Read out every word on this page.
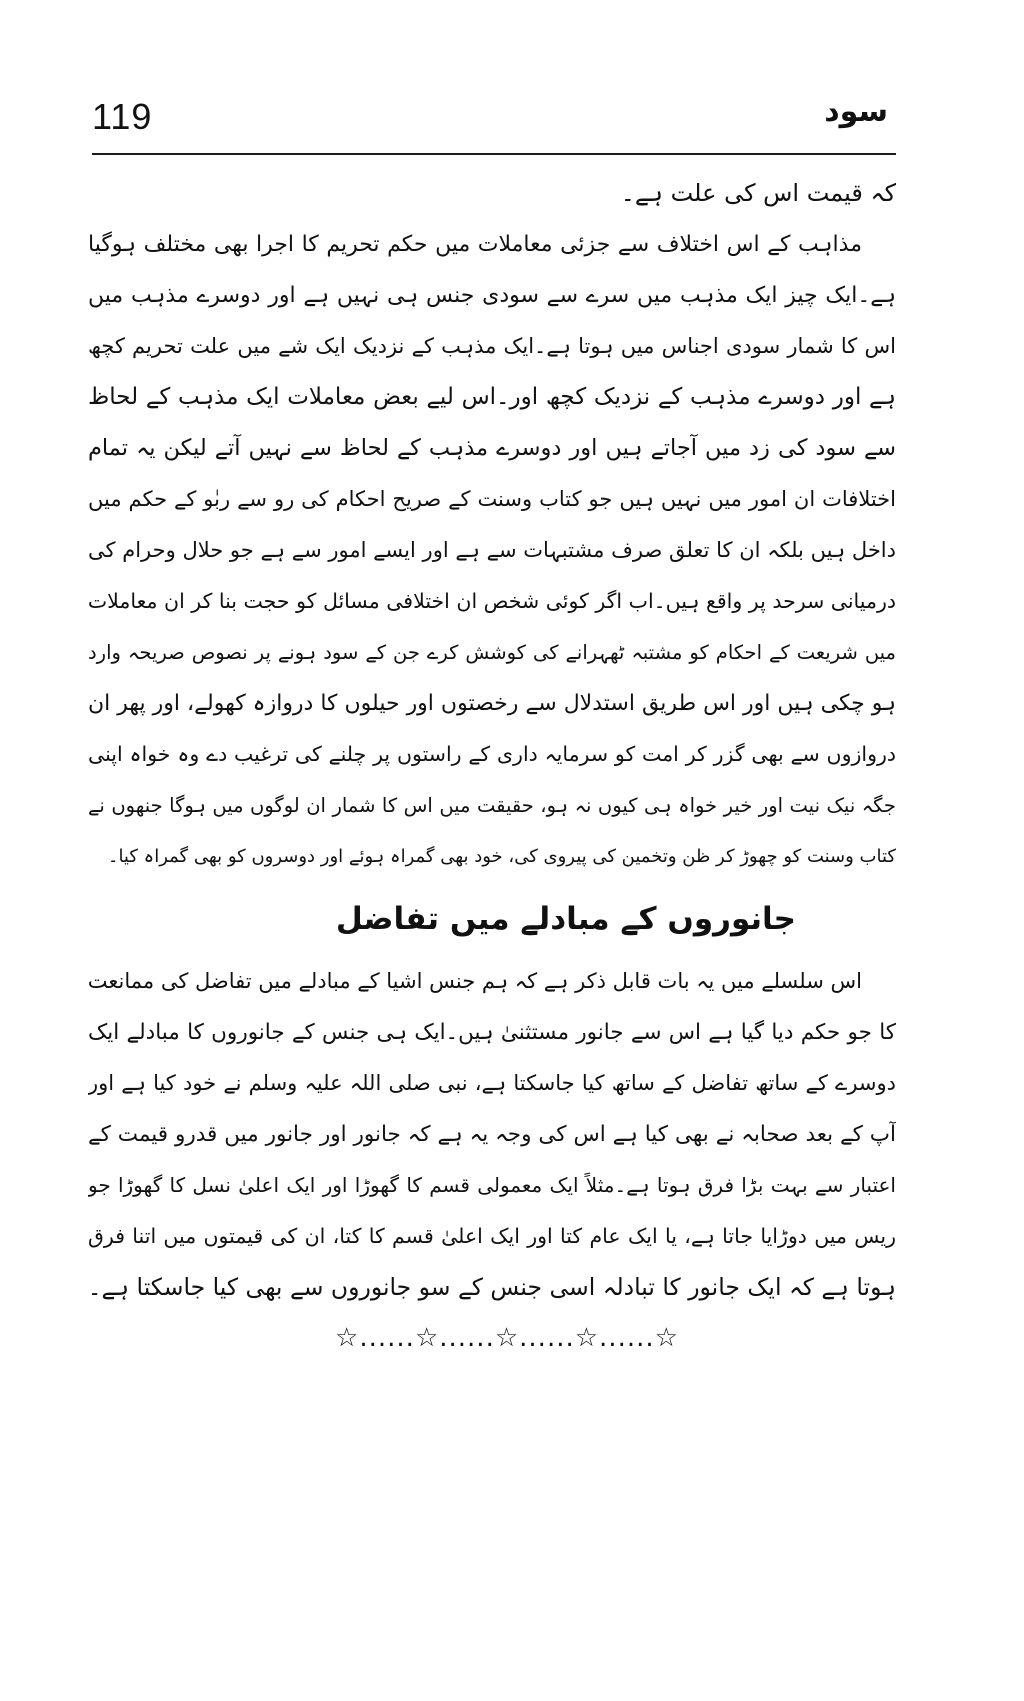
119	سود
کہ قیمت اس کی علت ہے۔
مذاہب کے اس اختلاف سے جزئی معاملات میں حکم تحریم کا اجرا بھی مختلف ہوگیا
ہے۔ایک چیز ایک مذہب میں سرے سے سودی جنس ہی نہیں ہے اور دوسرے مذہب میں
اس کا شمار سودی اجناس میں ہوتا ہے۔ایک مذہب کے نزدیک ایک شے میں علت تحریم کچھ
ہے اور دوسرے مذہب کے نزدیک کچھ اور۔اس لیے بعض معاملات ایک مذہب کے لحاظ
سے سود کی زد میں آجاتے ہیں اور دوسرے مذہب کے لحاظ سے نہیں آتے لیکن یہ تمام
اختلافات ان امور میں نہیں ہیں جو کتاب وسنت کے صریح احکام کی رو سے ربٰو کے حکم میں
داخل ہیں بلکہ ان کا تعلق صرف مشتبہات سے ہے اور ایسے امور سے ہے جو حلال وحرام کی
درمیانی سرحد پر واقع ہیں۔اب اگر کوئی شخص ان اختلافی مسائل کو حجت بنا کر ان معاملات
میں شریعت کے احکام کو مشتبہ ٹھہرانے کی کوشش کرے جن کے سود ہونے پر نصوص صریحہ وارد
ہو چکی ہیں اور اس طریق استدلال سے رخصتوں اور حیلوں کا دروازہ کھولے، اور پھر ان
دروازوں سے بھی گزر کر امت کو سرمایہ داری کے راستوں پر چلنے کی ترغیب دے وہ خواہ اپنی
جگہ نیک نیت اور خیر خواہ ہی کیوں نہ ہو، حقیقت میں اس کا شمار ان لوگوں میں ہوگا جنھوں نے
کتاب وسنت کو چھوڑ کر ظن وتخمین کی پیروی کی، خود بھی گمراہ ہوئے اور دوسروں کو بھی گمراہ کیا۔
جانوروں کے مبادلے میں تفاضل
اس سلسلے میں یہ بات قابل ذکر ہے کہ ہم جنس اشیا کے مبادلے میں تفاضل کی ممانعت
کا جو حکم دیا گیا ہے اس سے جانور مستثنیٰ ہیں۔ایک ہی جنس کے جانوروں کا مبادلے ایک
دوسرے کے ساتھ تفاضل کے ساتھ کیا جاسکتا ہے، نبی صلی اللہ علیہ وسلم نے خود کیا ہے اور
آپ کے بعد صحابہ نے بھی کیا ہے اس کی وجہ یہ ہے کہ جانور اور جانور میں قدرو قیمت کے
اعتبار سے بہت بڑا فرق ہوتا ہے۔مثلاً ایک معمولی قسم کا گھوڑا اور ایک اعلیٰ نسل کا گھوڑا جو
ریس میں دوڑایا جاتا ہے، یا ایک عام کتا اور ایک اعلیٰ قسم کا کتا، ان کی قیمتوں میں اتنا فرق
ہوتا ہے کہ ایک جانور کا تبادلہ اسی جنس کے سو جانوروں سے بھی کیا جاسکتا ہے۔
☆......☆......☆......☆......☆
